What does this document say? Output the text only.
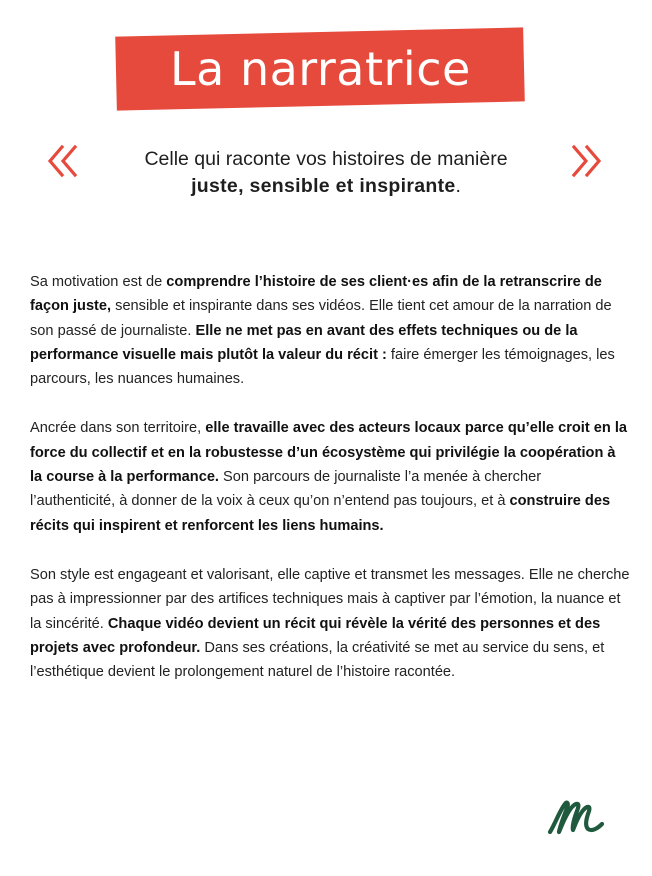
La narratrice
Celle qui raconte vos histoires de manière
juste, sensible et inspirante.

Sa motivation est de comprendre l’histoire de ses client·es afin de la retranscrire de façon juste, sensible et inspirante dans ses vidéos. Elle tient cet amour de la narration de son passé de journaliste. Elle ne met pas en avant des effets techniques ou de la performance visuelle mais plutôt la valeur du récit : faire émerger les témoignages, les parcours, les nuances humaines.

Ancrée dans son territoire, elle travaille avec des acteurs locaux parce qu’elle croit en la force du collectif et en la robustesse d’un écosystème qui privilégie la coopération à la course à la performance. Son parcours de journaliste l’a menée à chercher l’authenticité, à donner de la voix à ceux qu’on n’entend pas toujours, et à construire des récits qui inspirent et renforcent les liens humains.

Son style est engageant et valorisant, elle captive et transmet les messages. Elle ne cherche pas à impressionner par des artifices techniques mais à captiver par l’émotion, la nuance et la sincérité. Chaque vidéo devient un récit qui révèle la vérité des personnes et des projets avec profondeur. Dans ses créations, la créativité se met au service du sens, et l’esthétique devient le prolongement naturel de l’histoire racontée.
